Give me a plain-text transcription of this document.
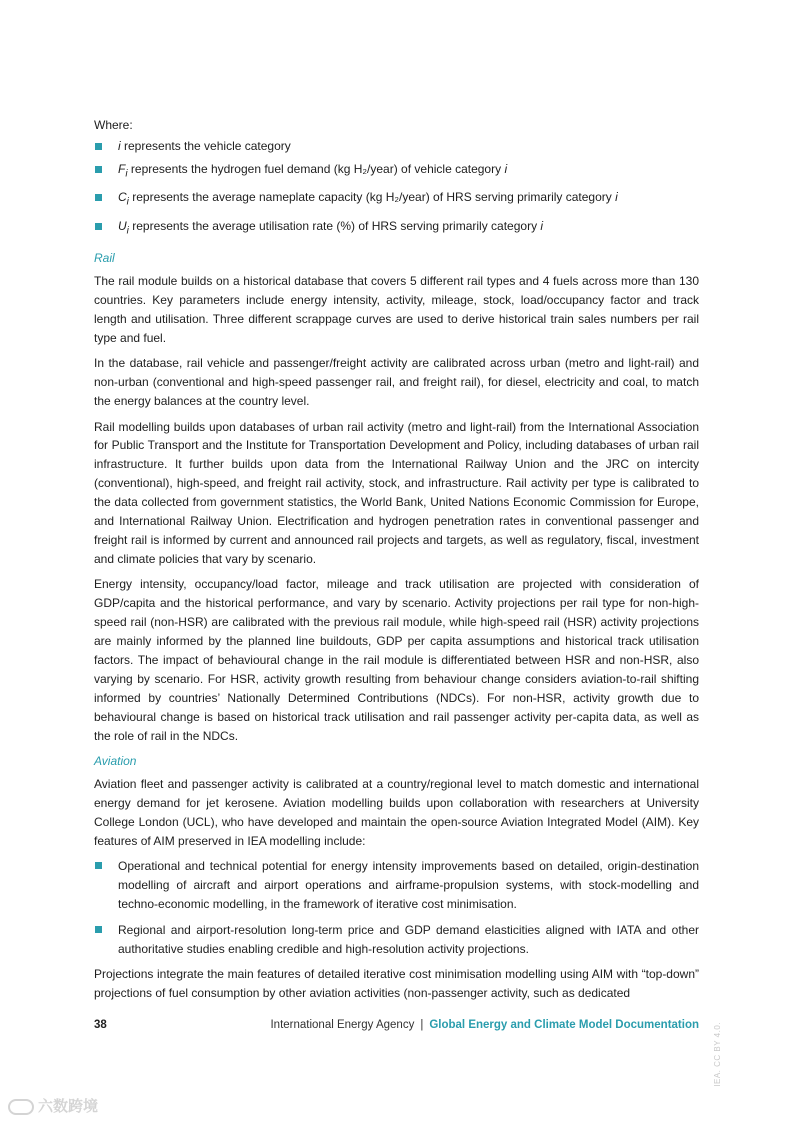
Where:
i represents the vehicle category
$F_i$ represents the hydrogen fuel demand (kg H₂/year) of vehicle category i
$C_i$ represents the average nameplate capacity (kg H₂/year) of HRS serving primarily category i
$U_i$ represents the average utilisation rate (%) of HRS serving primarily category i
Rail

The rail module builds on a historical database that covers 5 different rail types and 4 fuels across more than 130 countries. Key parameters include energy intensity, activity, mileage, stock, load/occupancy factor and track length and utilisation. Three different scrappage curves are used to derive historical train sales numbers per rail type and fuel.

In the database, rail vehicle and passenger/freight activity are calibrated across urban (metro and light-rail) and non-urban (conventional and high-speed passenger rail, and freight rail), for diesel, electricity and coal, to match the energy balances at the country level.

Rail modelling builds upon databases of urban rail activity (metro and light-rail) from the International Association for Public Transport and the Institute for Transportation Development and Policy, including databases of urban rail infrastructure. It further builds upon data from the International Railway Union and the JRC on intercity (conventional), high-speed, and freight rail activity, stock, and infrastructure. Rail activity per type is calibrated to the data collected from government statistics, the World Bank, United Nations Economic Commission for Europe, and International Railway Union. Electrification and hydrogen penetration rates in conventional passenger and freight rail is informed by current and announced rail projects and targets, as well as regulatory, fiscal, investment and climate policies that vary by scenario.

Energy intensity, occupancy/load factor, mileage and track utilisation are projected with consideration of GDP/capita and the historical performance, and vary by scenario. Activity projections per rail type for non-high-speed rail (non-HSR) are calibrated with the previous rail module, while high-speed rail (HSR) activity projections are mainly informed by the planned line buildouts, GDP per capita assumptions and historical track utilisation factors. The impact of behavioural change in the rail module is differentiated between HSR and non-HSR, also varying by scenario. For HSR, activity growth resulting from behaviour change considers aviation-to-rail shifting informed by countries’ Nationally Determined Contributions (NDCs). For non-HSR, activity growth due to behavioural change is based on historical track utilisation and rail passenger activity per-capita data, as well as the role of rail in the NDCs.

Aviation

Aviation fleet and passenger activity is calibrated at a country/regional level to match domestic and international energy demand for jet kerosene. Aviation modelling builds upon collaboration with researchers at University College London (UCL), who have developed and maintain the open-source Aviation Integrated Model (AIM). Key features of AIM preserved in IEA modelling include:

Operational and technical potential for energy intensity improvements based on detailed, origin-destination modelling of aircraft and airport operations and airframe-propulsion systems, with stock-modelling and techno-economic modelling, in the framework of iterative cost minimisation.
Regional and airport-resolution long-term price and GDP demand elasticities aligned with IATA and other authoritative studies enabling credible and high-resolution activity projections.

Projections integrate the main features of detailed iterative cost minimisation modelling using AIM with “top-down” projections of fuel consumption by other aviation activities (non-passenger activity, such as dedicated

38	International Energy Agency | Global Energy and Climate Model Documentation IEA. CC BY 4.0.
六数跨境
